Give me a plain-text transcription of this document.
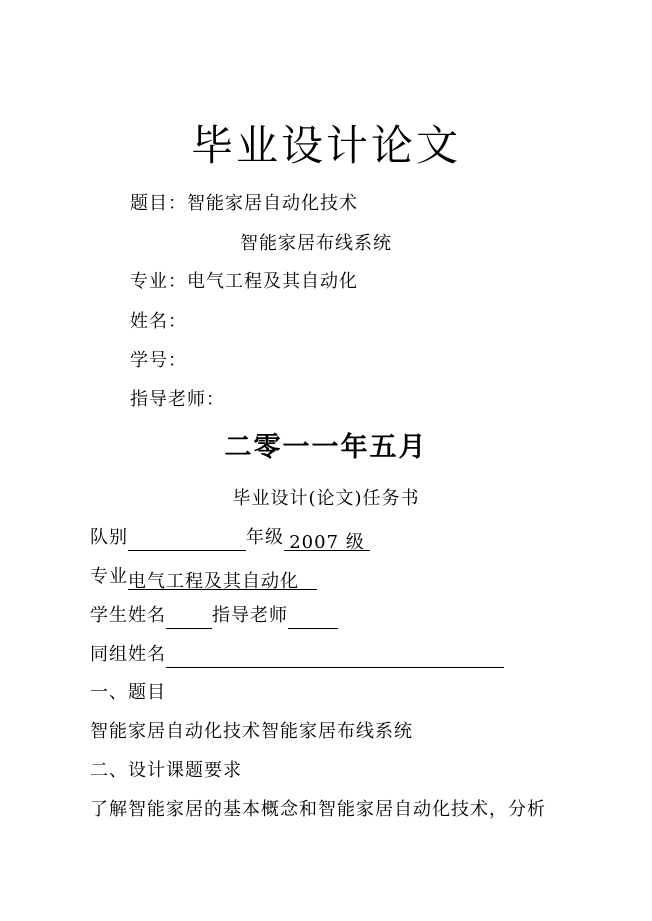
毕业设计论文
题目：智能家居自动化技术
智能家居布线系统
专业：电气工程及其自动化
姓名：
学号：
指导老师：
二零一一年五月
毕业设计(论文)任务书
队别	年级 2007 级
专业电气工程及其自动化
学生姓名	指导老师
同组姓名
一、题目
智能家居自动化技术智能家居布线系统
二、设计课题要求
了解智能家居的基本概念和智能家居自动化技术，分析
